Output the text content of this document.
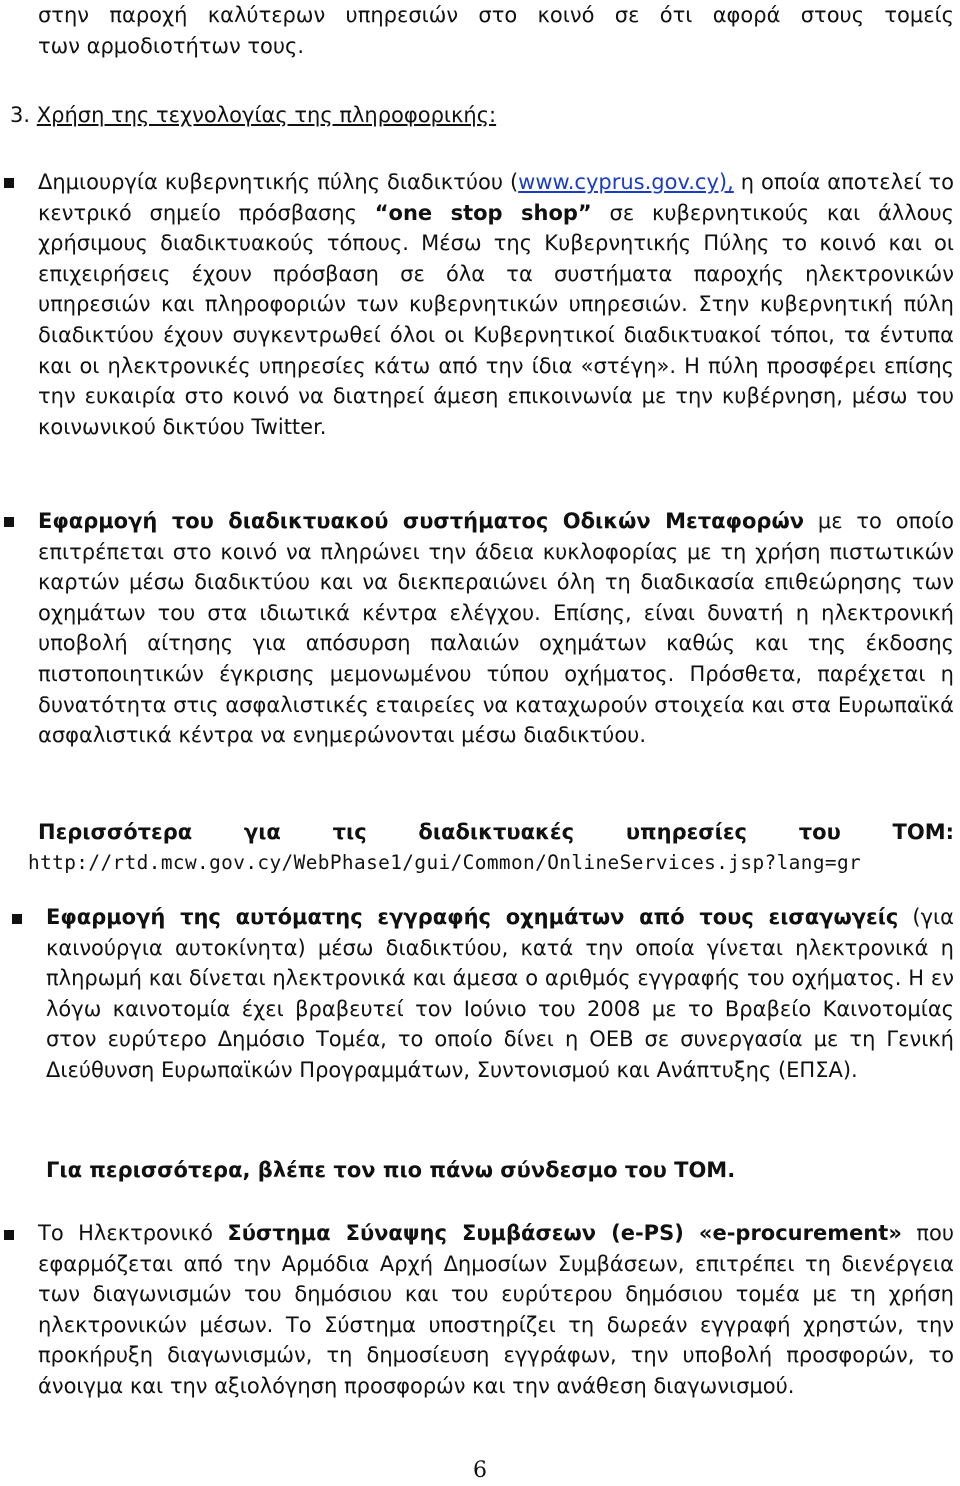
στην παροχή καλύτερων υπηρεσιών στο κοινό σε ότι αφορά στους τομείς

των αρμοδιοτήτων τους.

3. Χρήση της τεχνολογίας της πληροφορικής:

Δημιουργία κυβερνητικής πύλης διαδικτύου (www.cyprus.gov.cy), η οποία αποτελεί το κεντρικό σημείο πρόσβασης “one stop shop” σε κυβερνητικούς και άλλους χρήσιμους διαδικτυακούς τόπους. Μέσω της Κυβερνητικής Πύλης το κοινό και οι επιχειρήσεις έχουν πρόσβαση σε όλα τα συστήματα παροχής ηλεκτρονικών υπηρεσιών και πληροφοριών των κυβερνητικών υπηρεσιών. Στην κυβερνητική πύλη διαδικτύου έχουν συγκεντρωθεί όλοι οι Κυβερνητικοί διαδικτυακοί τόποι, τα έντυπα και οι ηλεκτρονικές υπηρεσίες κάτω από την ίδια «στέγη». Η πύλη προσφέρει επίσης την ευκαιρία στο κοινό να διατηρεί άμεση επικοινωνία με την κυβέρνηση, μέσω του κοινωνικού δικτύου Twitter.

Εφαρμογή του διαδικτυακού συστήματος Οδικών Μεταφορών με το οποίο επιτρέπεται στο κοινό να πληρώνει την άδεια κυκλοφορίας με τη χρήση πιστωτικών καρτών μέσω διαδικτύου και να διεκπεραιώνει όλη τη διαδικασία επιθεώρησης των οχημάτων του στα ιδιωτικά κέντρα ελέγχου. Επίσης, είναι δυνατή η ηλεκτρονική υποβολή αίτησης για απόσυρση παλαιών οχημάτων καθώς και της έκδοσης πιστοποιητικών έγκρισης μεμονωμένου τύπου οχήματος. Πρόσθετα, παρέχεται η δυνατότητα στις ασφαλιστικές εταιρείες να καταχωρούν στοιχεία και στα Ευρωπαϊκά ασφαλιστικά κέντρα να ενημερώνονται μέσω διαδικτύου.

Περισσότερα για τις διαδικτυακές υπηρεσίες του ΤΟΜ:

http://rtd.mcw.gov.cy/WebPhase1/gui/Common/OnlineServices.jsp?lang=gr

Εφαρμογή της αυτόματης εγγραφής οχημάτων από τους εισαγωγείς (για καινούργια αυτοκίνητα) μέσω διαδικτύου, κατά την οποία γίνεται ηλεκτρονικά η πληρωμή και δίνεται ηλεκτρονικά και άμεσα ο αριθμός εγγραφής του οχήματος. Η εν λόγω καινοτομία έχει βραβευτεί τον Ιούνιο του 2008 με το Βραβείο Καινοτομίας στον ευρύτερο Δημόσιο Τομέα, το οποίο δίνει η ΟΕΒ σε συνεργασία με τη Γενική Διεύθυνση Ευρωπαϊκών Προγραμμάτων, Συντονισμού και Ανάπτυξης (ΕΠΣΑ).

Για περισσότερα, βλέπε τον πιο πάνω σύνδεσμο του ΤΟΜ.

Το Ηλεκτρονικό Σύστημα Σύναψης Συμβάσεων (e-PS) «e-procurement» που εφαρμόζεται από την Αρμόδια Αρχή Δημοσίων Συμβάσεων, επιτρέπει τη διενέργεια των διαγωνισμών του δημόσιου και του ευρύτερου δημόσιου τομέα με τη χρήση ηλεκτρονικών μέσων. Το Σύστημα υποστηρίζει τη δωρεάν εγγραφή χρηστών, την προκήρυξη διαγωνισμών, τη δημοσίευση εγγράφων, την υποβολή προσφορών, το άνοιγμα και την αξιολόγηση προσφορών και την ανάθεση διαγωνισμού.

6
